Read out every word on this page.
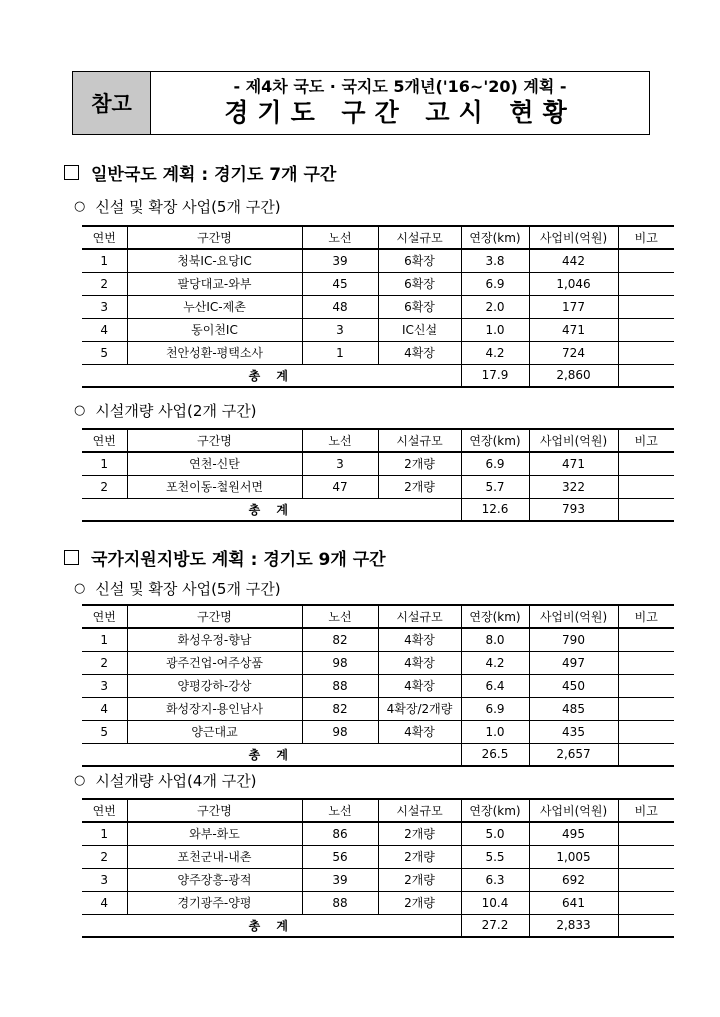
참고
- 제4차 국도 · 국지도 5개년('16~'20) 계획 -
경기도 구간 고시 현황
일반국도 계획 : 경기도 7개 구간
○ 신설 및 확장 사업(5개 구간)
연번	구간명	노선	시설규모	연장(km)	사업비(억원)	비고
1	청북IC-요당IC	39	6확장	3.8	442	
2	팔당대교-와부	45	6확장	6.9	1,046	
3	누산IC-제촌	48	6확장	2.0	177	
4	동이천IC	3	IC신설	1.0	471	
5	천안성환-평택소사	1	4확장	4.2	724	
총 계				17.9	2,860	
○ 시설개량 사업(2개 구간)
연번	구간명	노선	시설규모	연장(km)	사업비(억원)	비고
1	연천-신탄	3	2개량	6.9	471	
2	포천이동-철원서면	47	2개량	5.7	322	
총 계				12.6	793	
국가지원지방도 계획 : 경기도 9개 구간
○ 신설 및 확장 사업(5개 구간)
연번	구간명	노선	시설규모	연장(km)	사업비(억원)	비고
1	화성우정-향남	82	4확장	8.0	790	
2	광주건업-여주상품	98	4확장	4.2	497	
3	양평강하-강상	88	4확장	6.4	450	
4	화성장지-용인남사	82	4확장/2개량	6.9	485	
5	양근대교	98	4확장	1.0	435	
총 계				26.5	2,657	
○ 시설개량 사업(4개 구간)
연번	구간명	노선	시설규모	연장(km)	사업비(억원)	비고
1	와부-화도	86	2개량	5.0	495	
2	포천군내-내촌	56	2개량	5.5	1,005	
3	양주장흥-광적	39	2개량	6.3	692	
4	경기광주-양평	88	2개량	10.4	641	
총 계				27.2	2,833	
